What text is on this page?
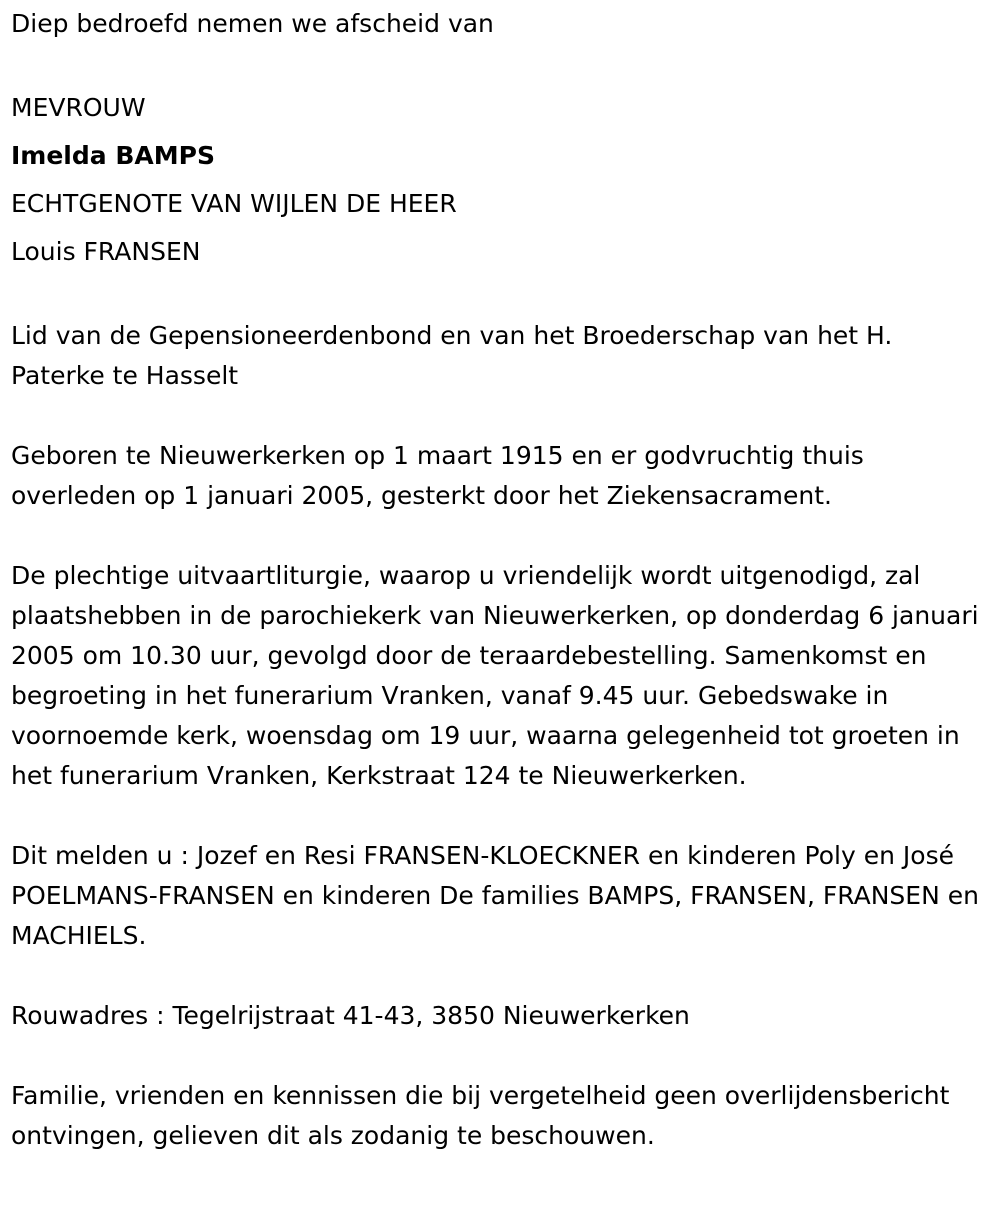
Diep bedroefd nemen we afscheid van

MEVROUW

Imelda BAMPS

ECHTGENOTE VAN WIJLEN DE HEER

Louis FRANSEN

Lid van de Gepensioneerdenbond en van het Broederschap van het H. Paterke te Hasselt

Geboren te Nieuwerkerken op 1 maart 1915 en er godvruchtig thuis overleden op 1 januari 2005, gesterkt door het Ziekensacrament.

De plechtige uitvaartliturgie, waarop u vriendelijk wordt uitgenodigd, zal plaatshebben in de parochiekerk van Nieuwerkerken, op donderdag 6 januari 2005 om 10.30 uur, gevolgd door de teraardebestelling. Samenkomst en begroeting in het funerarium Vranken, vanaf 9.45 uur. Gebedswake in voornoemde kerk, woensdag om 19 uur, waarna gelegenheid tot groeten in het funerarium Vranken, Kerkstraat 124 te Nieuwerkerken.

Dit melden u : Jozef en Resi FRANSEN-KLOECKNER en kinderen Poly en José POELMANS-FRANSEN en kinderen De families BAMPS, FRANSEN, FRANSEN en MACHIELS.

Rouwadres : Tegelrijstraat 41-43, 3850 Nieuwerkerken

Familie, vrienden en kennissen die bij vergetelheid geen overlijdensbericht ontvingen, gelieven dit als zodanig te beschouwen.
